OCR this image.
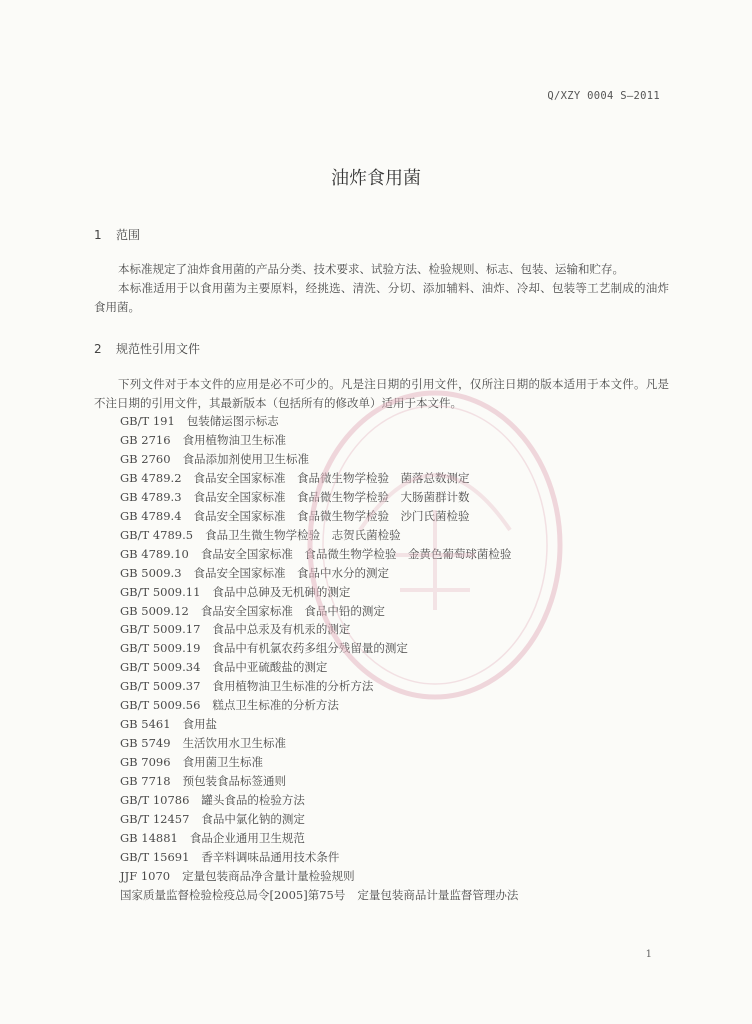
Q/XZY 0004 S—2011
油炸食用菌
1 范围

本标准规定了油炸食用菌的产品分类、技术要求、试验方法、检验规则、标志、包装、运输和贮存。

本标准适用于以食用菌为主要原料，经挑选、清洗、分切、添加辅料、油炸、冷却、包装等工艺制成的油炸食用菌。

2 规范性引用文件

下列文件对于本文件的应用是必不可少的。凡是注日期的引用文件，仅所注日期的版本适用于本文件。凡是不注日期的引用文件，其最新版本（包括所有的修改单）适用于本文件。

GB/T 191 包装储运图示标志
GB 2716 食用植物油卫生标准
GB 2760 食品添加剂使用卫生标准
GB 4789.2 食品安全国家标准　食品微生物学检验　菌落总数测定
GB 4789.3 食品安全国家标准　食品微生物学检验　大肠菌群计数
GB 4789.4 食品安全国家标准　食品微生物学检验　沙门氏菌检验
GB/T 4789.5 食品卫生微生物学检验　志贺氏菌检验
GB 4789.10 食品安全国家标准　食品微生物学检验　金黄色葡萄球菌检验
GB 5009.3 食品安全国家标准　食品中水分的测定
GB/T 5009.11 食品中总砷及无机砷的测定
GB 5009.12 食品安全国家标准　食品中铅的测定
GB/T 5009.17 食品中总汞及有机汞的测定
GB/T 5009.19 食品中有机氯农药多组分残留量的测定
GB/T 5009.34 食品中亚硫酸盐的测定
GB/T 5009.37 食用植物油卫生标准的分析方法
GB/T 5009.56 糕点卫生标准的分析方法
GB 5461 食用盐
GB 5749 生活饮用水卫生标准
GB 7096 食用菌卫生标准
GB 7718 预包装食品标签通则
GB/T 10786 罐头食品的检验方法
GB/T 12457 食品中氯化钠的测定
GB 14881 食品企业通用卫生规范
GB/T 15691 香辛料调味品通用技术条件
JJF 1070 定量包装商品净含量计量检验规则
国家质量监督检验检疫总局令[2005]第75号 定量包装商品计量监督管理办法
1
